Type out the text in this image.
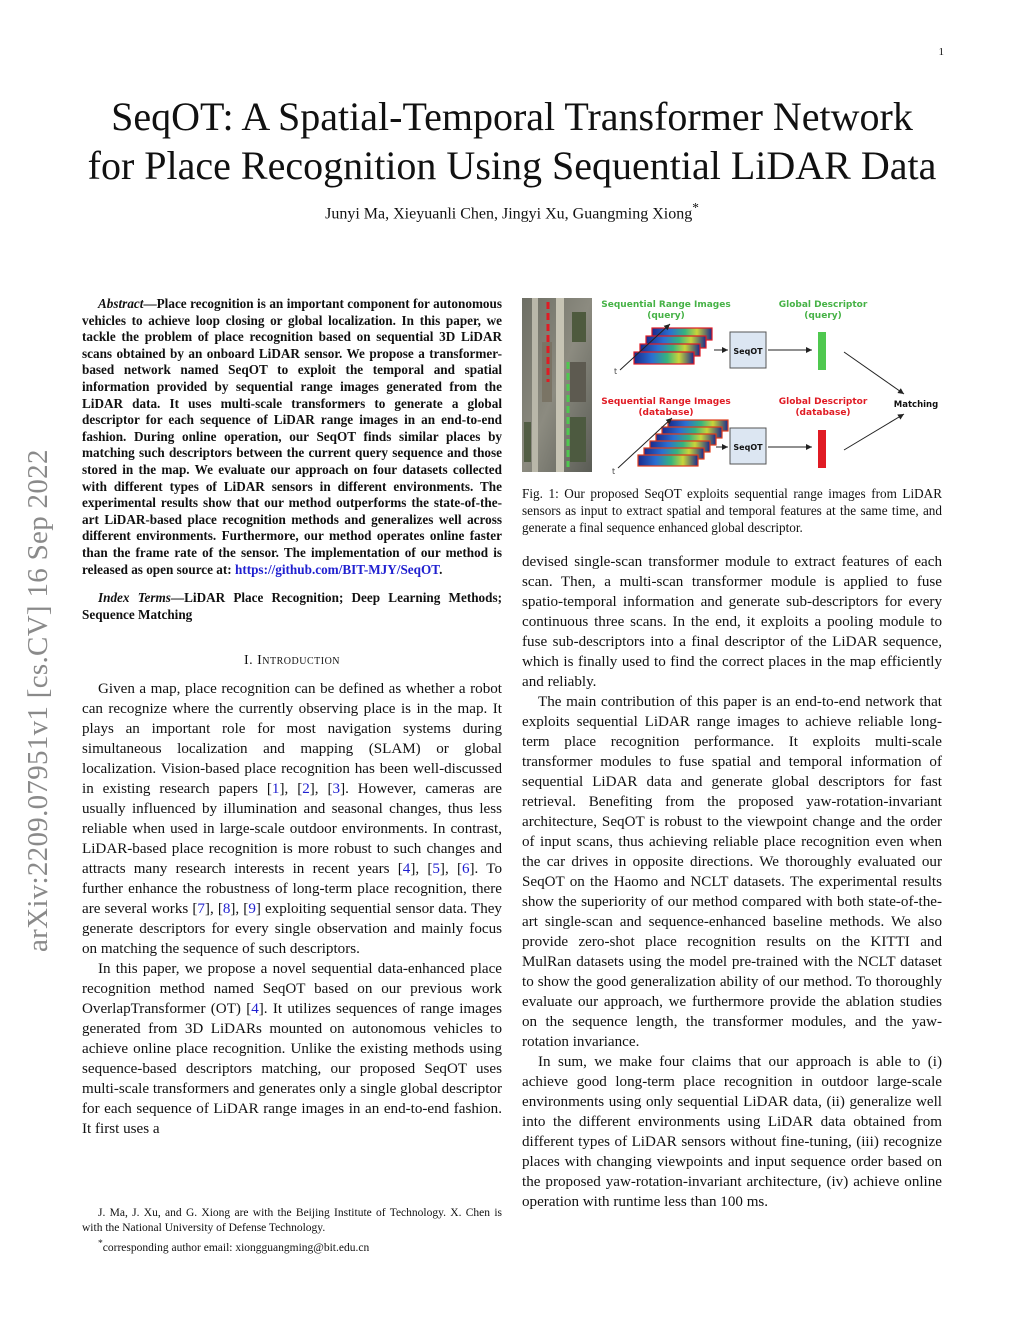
1
arXiv:2209.07951v1 [cs.CV] 16 Sep 2022
SeqOT: A Spatial-Temporal Transformer Network
for Place Recognition Using Sequential LiDAR Data
Junyi Ma, Xieyuanli Chen, Jingyi Xu, Guangming Xiong*

Abstract—Place recognition is an important component for autonomous vehicles to achieve loop closing or global localization. In this paper, we tackle the problem of place recognition based on sequential 3D LiDAR scans obtained by an onboard LiDAR sensor. We propose a transformer-based network named SeqOT to exploit the temporal and spatial information provided by sequential range images generated from the LiDAR data. It uses multi-scale transformers to generate a global descriptor for each sequence of LiDAR range images in an end-to-end fashion. During online operation, our SeqOT finds similar places by matching such descriptors between the current query sequence and those stored in the map. We evaluate our approach on four datasets collected with different types of LiDAR sensors in different environments. The experimental results show that our method outperforms the state-of-the-art LiDAR-based place recognition methods and generalizes well across different environments. Furthermore, our method operates online faster than the frame rate of the sensor. The implementation of our method is released as open source at: https://github.com/BIT-MJY/SeqOT.

Index Terms—LiDAR Place Recognition; Deep Learning Methods; Sequence Matching

I. Introduction

Given a map, place recognition can be defined as whether a robot can recognize where the currently observing place is in the map. It plays an important role for most navigation systems during simultaneous localization and mapping (SLAM) or global localization. Vision-based place recognition has been well-discussed in existing research papers [1], [2], [3]. However, cameras are usually influenced by illumination and seasonal changes, thus less reliable when used in large-scale outdoor environments. In contrast, LiDAR-based place recognition is more robust to such changes and attracts many research interests in recent years [4], [5], [6]. To further enhance the robustness of long-term place recognition, there are several works [7], [8], [9] exploiting sequential sensor data. They generate descriptors for every single observation and mainly focus on matching the sequence of such descriptors.

In this paper, we propose a novel sequential data-enhanced place recognition method named SeqOT based on our previous work OverlapTransformer (OT) [4]. It utilizes sequences of range images generated from 3D LiDARs mounted on autonomous vehicles to achieve online place recognition. Unlike the existing methods using sequence-based descriptors matching, our proposed SeqOT uses multi-scale transformers and generates only a single global descriptor for each sequence of LiDAR range images in an end-to-end fashion. It first uses a

J. Ma, J. Xu, and G. Xiong are with the Beijing Institute of Technology. X. Chen is with the National University of Defense Technology.

*corresponding author email: xiongguangming@bit.edu.cn

Sequential Range Images (query)
Global Descriptor (query)
t
SeqOT
Sequential Range Images (database)
Global Descriptor (database)
Matching
t
SeqOT
Fig. 1: Our proposed SeqOT exploits sequential range images from LiDAR sensors as input to extract spatial and temporal features at the same time, and generate a final sequence enhanced global descriptor.

devised single-scan transformer module to extract features of each scan. Then, a multi-scan transformer module is applied to fuse spatio-temporal information and generate sub-descriptors for every continuous three scans. In the end, it exploits a pooling module to fuse sub-descriptors into a final descriptor of the LiDAR sequence, which is finally used to find the correct places in the map efficiently and reliably.

The main contribution of this paper is an end-to-end network that exploits sequential LiDAR range images to achieve reliable long-term place recognition performance. It exploits multi-scale transformer modules to fuse spatial and temporal information of sequential LiDAR data and generate global descriptors for fast retrieval. Benefiting from the proposed yaw-rotation-invariant architecture, SeqOT is robust to the viewpoint change and the order of input scans, thus achieving reliable place recognition even when the car drives in opposite directions. We thoroughly evaluated our SeqOT on the Haomo and NCLT datasets. The experimental results show the superiority of our method compared with both state-of-the-art single-scan and sequence-enhanced baseline methods. We also provide zero-shot place recognition results on the KITTI and MulRan datasets using the model pre-trained with the NCLT dataset to show the good generalization ability of our method. To thoroughly evaluate our approach, we furthermore provide the ablation studies on the sequence length, the transformer modules, and the yaw-rotation invariance.

In sum, we make four claims that our approach is able to (i) achieve good long-term place recognition in outdoor large-scale environments using only sequential LiDAR data, (ii) generalize well into the different environments using LiDAR data obtained from different types of LiDAR sensors without fine-tuning, (iii) recognize places with changing viewpoints and input sequence order based on the proposed yaw-rotation-invariant architecture, (iv) achieve online operation with runtime less than 100 ms.
